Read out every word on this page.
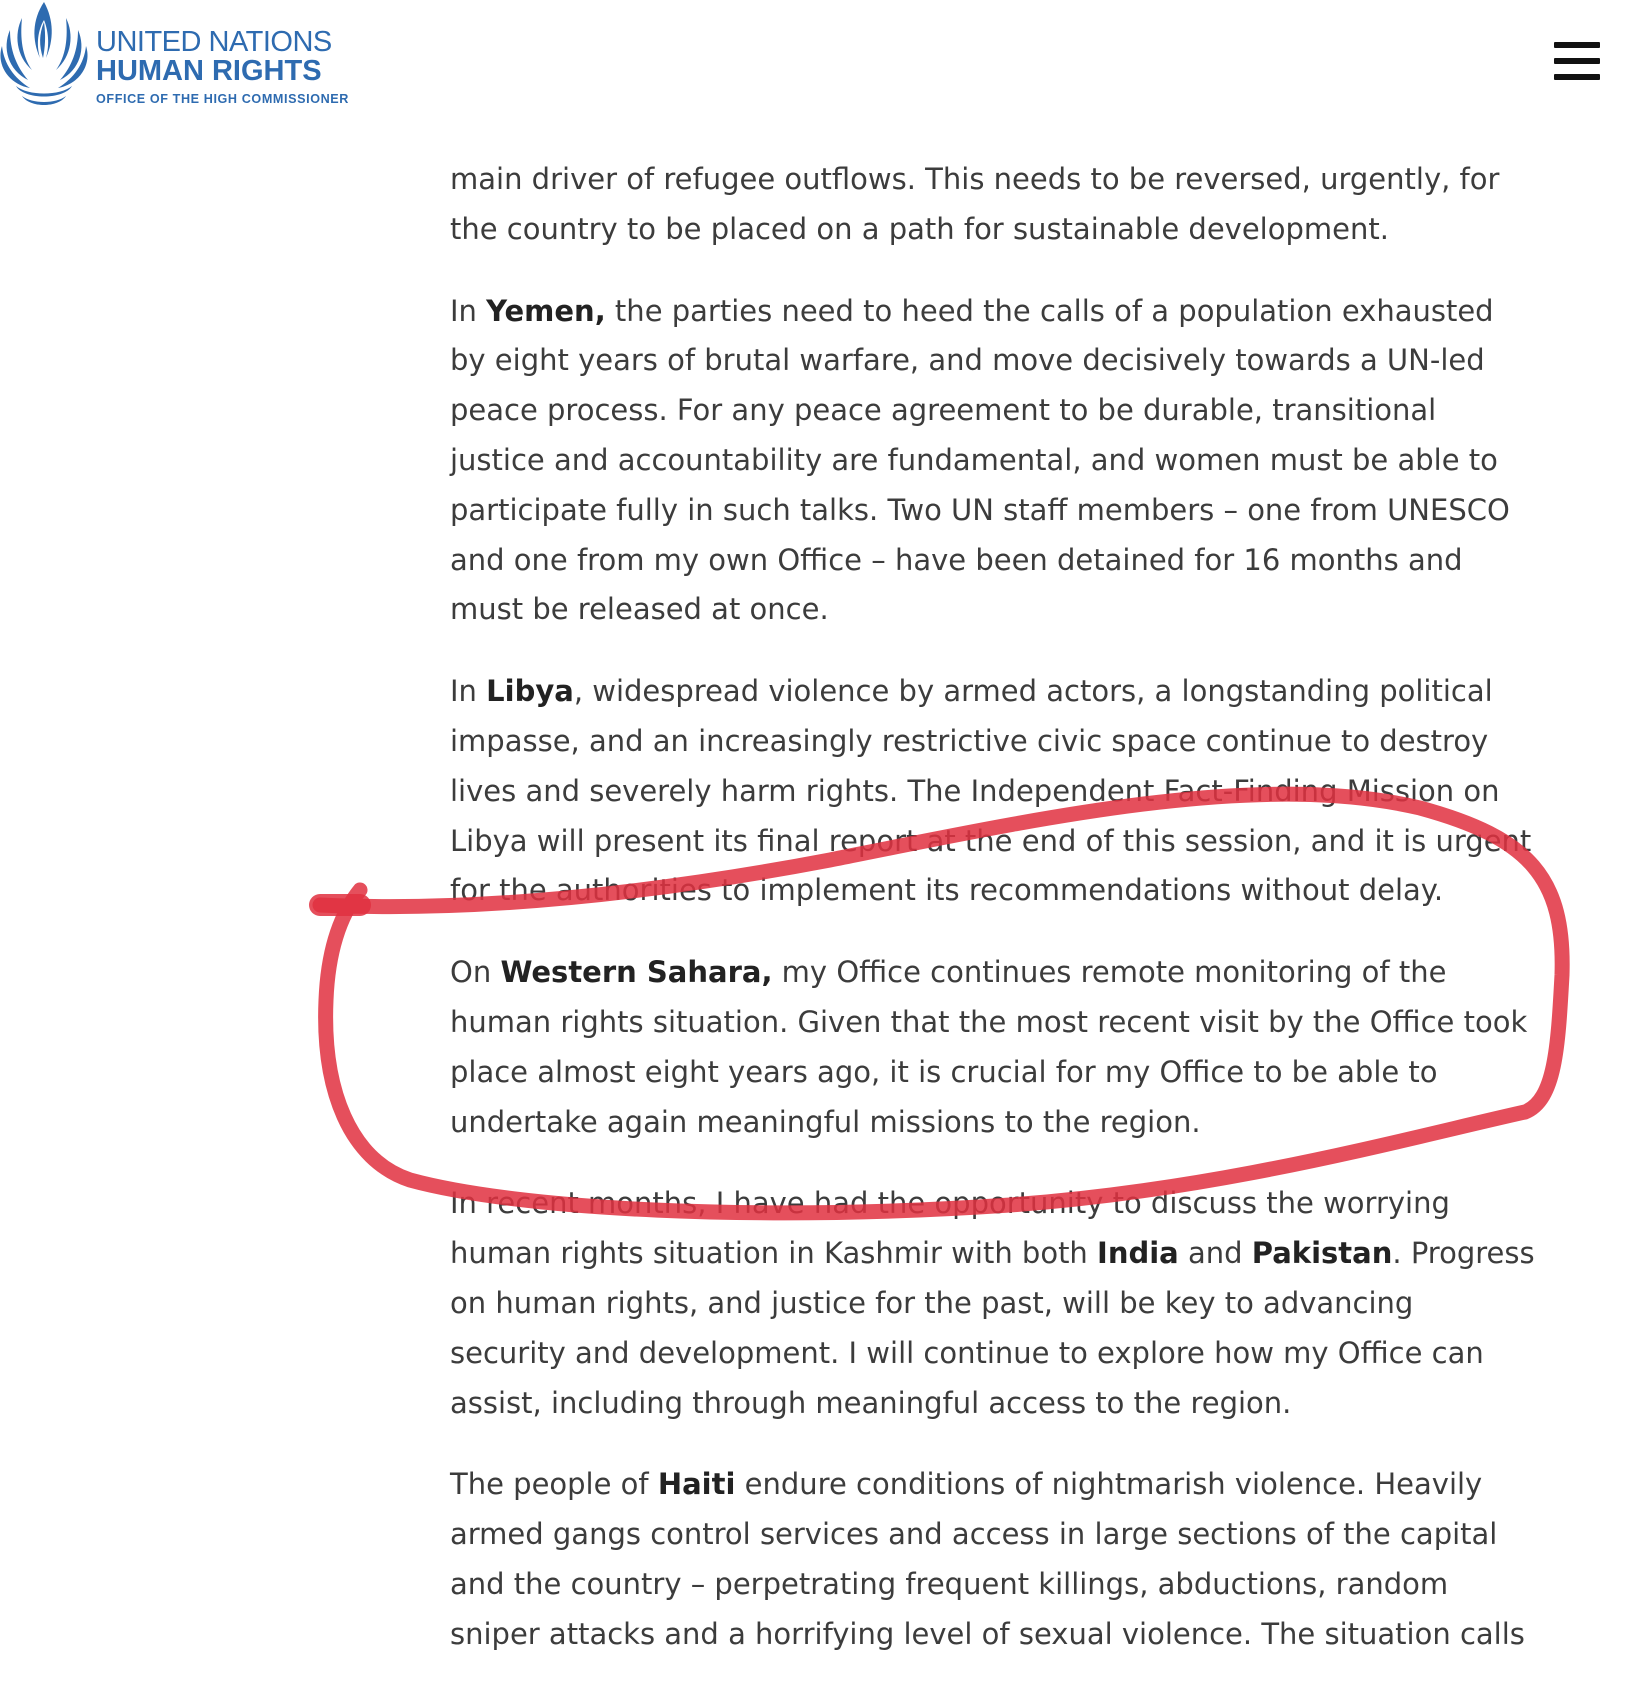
UNITED NATIONS
HUMAN RIGHTS
OFFICE OF THE HIGH COMMISSIONER

main driver of refugee outflows. This needs to be reversed, urgently, for the country to be placed on a path for sustainable development.

In Yemen, the parties need to heed the calls of a population exhausted by eight years of brutal warfare, and move decisively towards a UN-led peace process. For any peace agreement to be durable, transitional justice and accountability are fundamental, and women must be able to participate fully in such talks. Two UN staff members – one from UNESCO and one from my own Office – have been detained for 16 months and must be released at once.

In Libya, widespread violence by armed actors, a longstanding political impasse, and an increasingly restrictive civic space continue to destroy lives and severely harm rights. The Independent Fact-Finding Mission on Libya will present its final report at the end of this session, and it is urgent for the authorities to implement its recommendations without delay.

On Western Sahara, my Office continues remote monitoring of the human rights situation. Given that the most recent visit by the Office took place almost eight years ago, it is crucial for my Office to be able to undertake again meaningful missions to the region.

In recent months, I have had the opportunity to discuss the worrying human rights situation in Kashmir with both India and Pakistan. Progress on human rights, and justice for the past, will be key to advancing security and development. I will continue to explore how my Office can assist, including through meaningful access to the region.

The people of Haiti endure conditions of nightmarish violence. Heavily armed gangs control services and access in large sections of the capital and the country – perpetrating frequent killings, abductions, random sniper attacks and a horrifying level of sexual violence. The situation calls
